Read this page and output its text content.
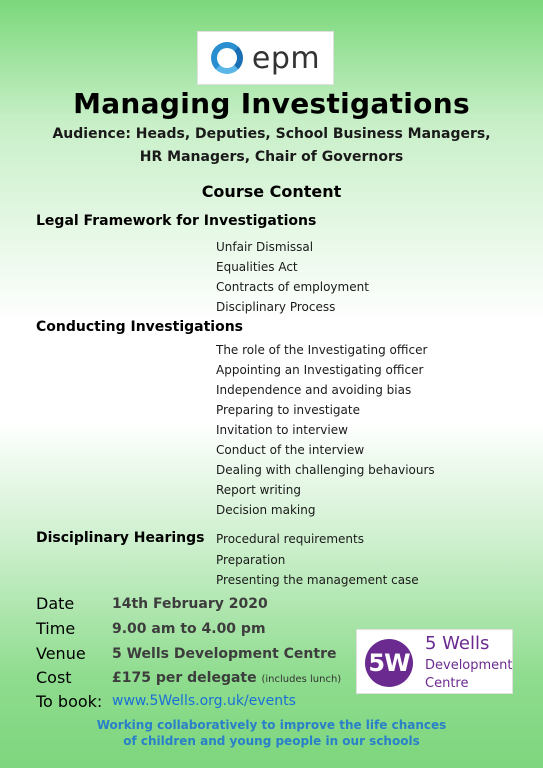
epm
Managing Investigations
Audience: Heads, Deputies, School Business Managers,
HR Managers, Chair of Governors
Course Content
Legal Framework for Investigations
Unfair Dismissal
Equalities Act
Contracts of employment
Disciplinary Process
Conducting Investigations
The role of the Investigating officer
Appointing an Investigating officer
Independence and avoiding bias
Preparing to investigate
Invitation to interview
Conduct of the interview
Dealing with challenging behaviours
Report writing
Decision making
Disciplinary Hearings Procedural requirements
Preparation
Presenting the management case
Date	14th February 2020
Time	9.00 am to 4.00 pm
Venue 5 Wells Development Centre
Cost	£175 per delegate (includes lunch)
To book: www.5Wells.org.uk/events
5W
5 Wells
Development
Centre
Working collaboratively to improve the life chances
of children and young people in our schools
